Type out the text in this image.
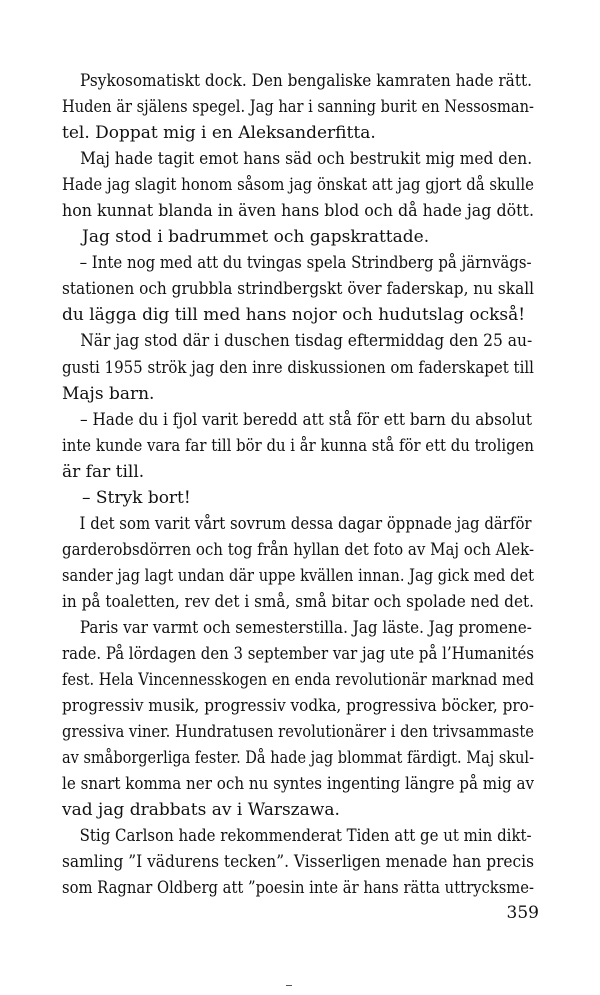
Psykosomatiskt dock. Den bengaliske kamraten hade rätt.
Huden är själens spegel. Jag har i sanning burit en Nessosman-
tel. Doppat mig i en Aleksanderfitta.
Maj hade tagit emot hans säd och bestrukit mig med den.
Hade jag slagit honom såsom jag önskat att jag gjort då skulle
hon kunnat blanda in även hans blod och då hade jag dött.
Jag stod i badrummet och gapskrattade.
– Inte nog med att du tvingas spela Strindberg på järnvägs-
stationen och grubbla strindbergskt över faderskap, nu skall
du lägga dig till med hans nojor och hudutslag också!
När jag stod där i duschen tisdag eftermiddag den 25 au-
gusti 1955 strök jag den inre diskussionen om faderskapet till
Majs barn.
– Hade du i fjol varit beredd att stå för ett barn du absolut
inte kunde vara far till bör du i år kunna stå för ett du troligen
är far till.
– Stryk bort!
I det som varit vårt sovrum dessa dagar öppnade jag därför
garderobsdörren och tog från hyllan det foto av Maj och Alek-
sander jag lagt undan där uppe kvällen innan. Jag gick med det
in på toaletten, rev det i små, små bitar och spolade ned det.
Paris var varmt och semesterstilla. Jag läste. Jag promene-
rade. På lördagen den 3 september var jag ute på l’Humanités
fest. Hela Vincennesskogen en enda revolutionär marknad med
progressiv musik, progressiv vodka, progressiva böcker, pro-
gressiva viner. Hundratusen revolutionärer i den trivsammaste
av småborgerliga fester. Då hade jag blommat färdigt. Maj skul-
le snart komma ner och nu syntes ingenting längre på mig av
vad jag drabbats av i Warszawa.
Stig Carlson hade rekommenderat Tiden att ge ut min dikt-
samling ”I vädurens tecken”. Visserligen menade han precis
som Ragnar Oldberg att ”poesin inte är hans rätta uttrycksme-
359
